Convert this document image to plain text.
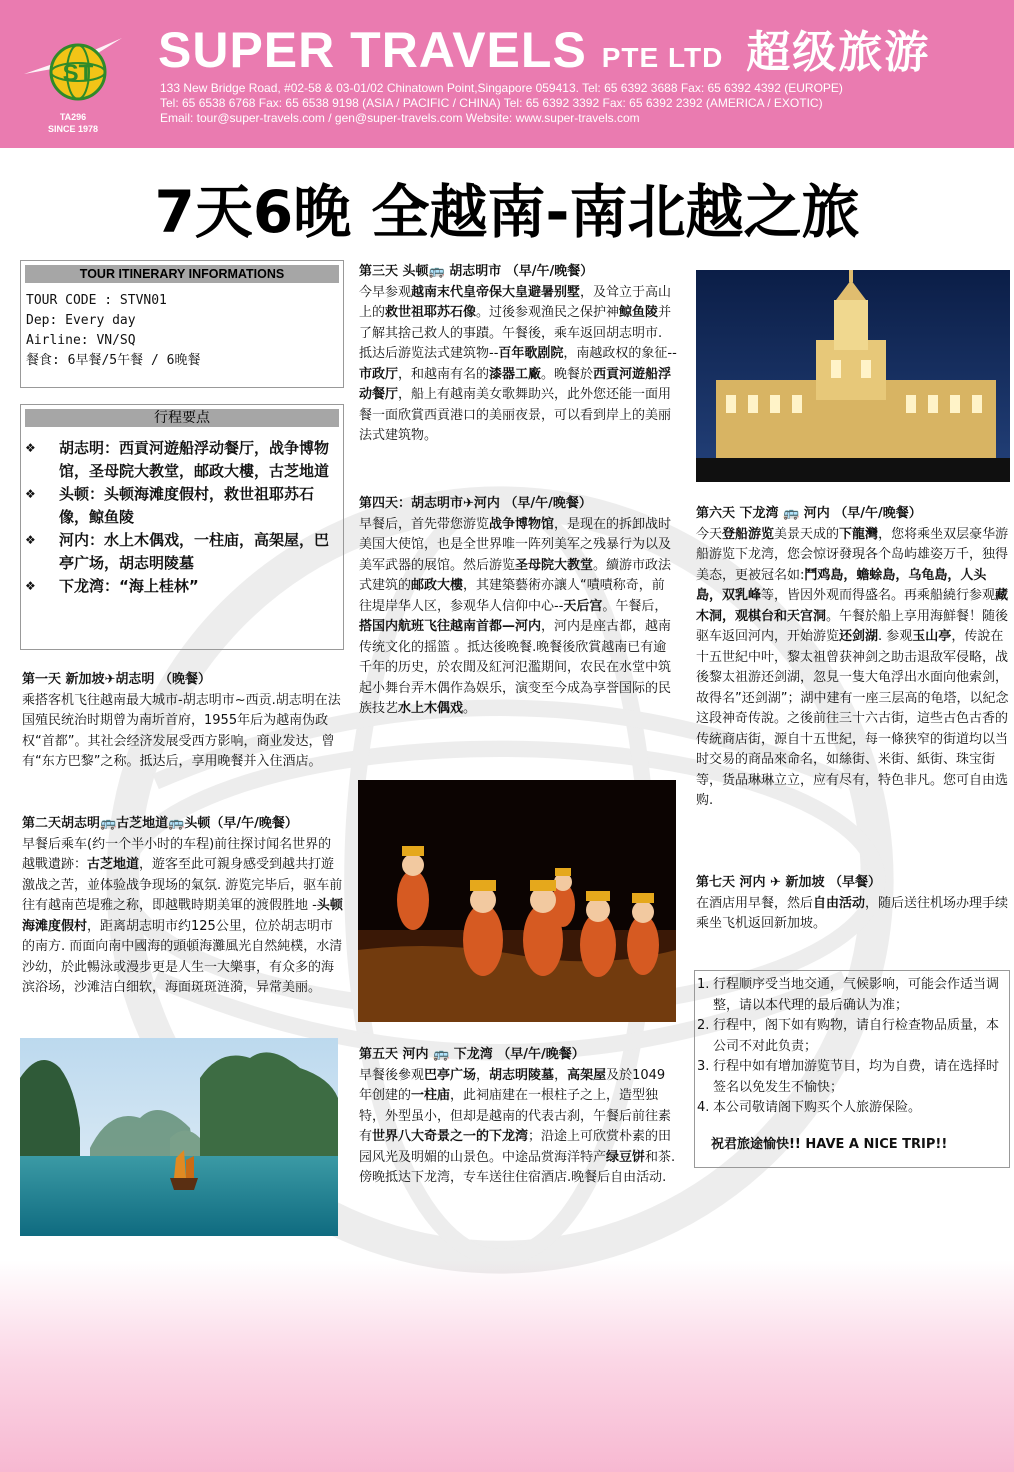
ST
TA296
SINCE 1978
SUPER TRAVELS PTE LTD 超级旅游
133 New Bridge Road, #02-58 & 03-01/02 Chinatown Point,Singapore 059413. Tel: 65 6392 3688 Fax: 65 6392 4392 (EUROPE)
Tel: 65 6538 6768 Fax: 65 6538 9198 (ASIA / PACIFIC / CHINA) Tel: 65 6392 3392 Fax: 65 6392 2392 (AMERICA / EXOTIC)
Email: tour@super-travels.com / gen@super-travels.com Website: www.super-travels.com
7天6晚 全越南-南北越之旅
TOUR ITINERARY INFORMATIONS
TOUR CODE : STVN01
Dep: Every day
Airline: VN/SQ
餐食: 6早餐/5午餐 / 6晚餐
行程要点
❖ 胡志明：西貢河遊船浮动餐厅，战争博物馆，圣母院大教堂，邮政大樓，古芝地道
❖ 头顿：头顿海滩度假村，救世祖耶苏石像，鲸鱼陵
❖ 河内：水上木偶戏，一柱庙，高架屋，巴亭广场，胡志明陵墓
❖ 下龙湾：“海上桂林”
第一天 新加坡✈胡志明 （晚餐）
乘搭客机飞往越南最大城市-胡志明市~西贡.胡志明在法国殖民统治时期曾为南圻首府，1955年后为越南伪政权“首都”。其社会经济发展受西方影响，商业发达，曾有“东方巴黎”之称。抵达后，享用晚餐并入住酒店。
第二天胡志明🚌古芝地道🚌头顿（早/午/晚餐）
早餐后乘车(约一个半小时的车程)前往探讨闻名世界的越戰遺跡：古芝地道，遊客至此可親身感受到越共打遊激战之苦，並体验战争现场的氣氛. 游览完毕后，驱车前往有越南芭堤雅之称，即越戰時期美軍的渡假胜地 -头顿海滩度假村，距离胡志明市约125公里，位於胡志明市的南方. 而面向南中國海的頭頓海灘風光自然純樸，水清沙幼，於此暢泳或漫步更是人生一大樂事，有众多的海滨浴场，沙滩洁白细软，海面斑斑涟漪，异常美丽。
第三天 头顿🚌 胡志明市 （早/午/晚餐）
今早参观越南末代皇帝保大皇避暑别墅，及耸立于高山上的救世祖耶苏石像。过後参观渔民之保护神鲸鱼陵并了解其捨己救人的事蹟。午餐後，乘车返回胡志明市. 抵达后游览法式建筑物--百年歌剧院，南越政权的象征--市政厅，和越南有名的漆器工廠。晚餐於西貢河遊船浮动餐厅，船上有越南美女歌舞助兴，此外您还能一面用餐一面欣賞西貢港口的美丽夜景，可以看到岸上的美丽法式建筑物。
第四天：胡志明市✈河内 （早/午/晚餐）
早餐后，首先带您游览战争博物馆，是现在的拆卸战时美国大使馆，也是全世界唯一阵列美军之残暴行为以及美军武器的展馆。然后游览圣母院大教堂。續游市政法式建筑的邮政大樓，其建築藝術亦讓人“嘖嘖称奇，前往堤岸华人区，参观华人信仰中心--天后宫。午餐后，搭国内航班飞往越南首都—河内，河内是座古都，越南传统文化的摇篮 。抵达後晚餐.晚餐後欣賞越南已有逾千年的历史，於农閒及紅河氾濫期间，农民在水堂中筑起小舞台弄木偶作為娱乐，演变至今成為享誉国际的民族技艺水上木偶戏。
第五天 河内 🚌 下龙湾 （早/午/晚餐）
早餐後參观巴亭广场，胡志明陵墓，高架屋及於1049年创建的一柱庙，此祠庙建在一根柱子之上，造型独特，外型虽小，但却是越南的代表古刹，午餐后前往素有世界八大奇景之一的下龙湾；沿途上可欣赏朴素的田园风光及明媚的山景色。中途品赏海洋特产绿豆饼和茶. 傍晚抵达下龙湾，专车送往住宿酒店.晚餐后自由活动.
第六天 下龙湾 🚌 河内 （早/午/晚餐）
今天登船游览美景天成的下龍灣，您将乘坐双层豪华游船游览下龙湾，您会惊讶發現各个岛屿雄姿万千，独得美态，更被冠名如:鬥鸡島，蟾蜍島，乌龟島，人头島，双乳峰等，皆因外观而得盛名。再乘船繞行参观藏木洞，观棋台和天宫洞。午餐於船上享用海鮮餐！随後驱车返回河内，开始游览还剑湖. 参观玉山亭，传說在十五世紀中叶，黎太祖曾获神剑之助击退敌军侵略，战後黎太祖游还剑湖，忽見一隻大龟浮出水面向他索剑，故得名”还剑湖”；湖中建有一座三层高的龟塔，以紀念这段神奇传說。之後前往三十六古街，這些古色古香的传統商店街，源自十五世紀，每一條狭窄的街道均以当时交易的商品來命名，如絲街、米街、紙街、珠宝街等，货品琳琳立立，应有尽有，特色非凡。您可自由选购.
第七天 河内 ✈ 新加坡 （早餐）
在酒店用早餐，然后自由活动，随后送往机场办理手续乘坐飞机返回新加坡。
1. 行程顺序受当地交通，气候影响，可能会作适当调整，请以本代理的最后确认为准；
2. 行程中，阁下如有购物，请自行检查物品质量，本公司不对此负责；
3. 行程中如有增加游览节目，均为自费，请在选择时签名以免发生不愉快；
4. 本公司敬请阁下购买个人旅游保险。
祝君旅途愉快!! HAVE A NICE TRIP!!
